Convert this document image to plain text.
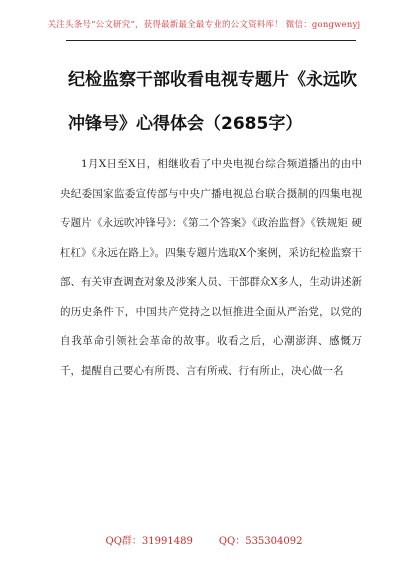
关注头条号“公文研究”，获得最新最全最专业的公文资料库！ 微信：gongwenyj
纪检监察干部收看电视专题片《永远吹冲锋号》心得体会（2685字）

1月X日至X日，相继收看了中央电视台综合频道播出的由中央纪委国家监委宣传部与中央广播电视总台联合摄制的四集电视专题片《永远吹冲锋号》：《第二个答案》《政治监督》《铁规矩 硬杠杠》《永远在路上》。四集专题片选取X个案例，采访纪检监察干部、有关审查调查对象及涉案人员、干部群众X多人，生动讲述新的历史条件下，中国共产党持之以恒推进全面从严治党，以党的自我革命引领社会革命的故事。收看之后，心潮澎湃、感慨万千，提醒自己要心有所畏、言有所戒、行有所止，决心做一名

QQ群：31991489	QQ：535304092
